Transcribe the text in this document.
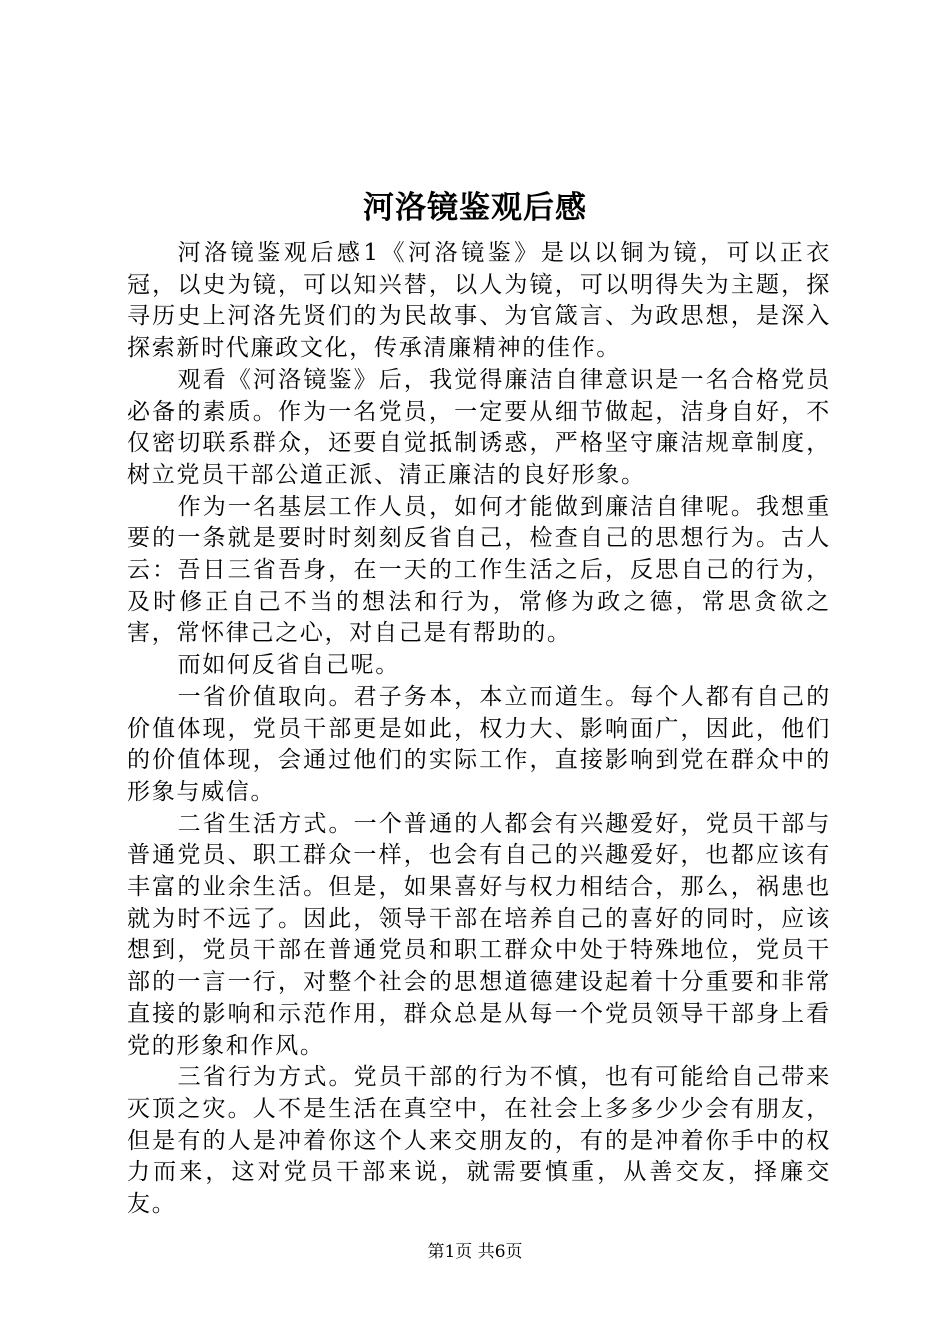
河洛镜鉴观后感

河洛镜鉴观后感1《河洛镜鉴》是以以铜为镜，可以正衣冠，以史为镜，可以知兴替，以人为镜，可以明得失为主题，探寻历史上河洛先贤们的为民故事、为官箴言、为政思想，是深入探索新时代廉政文化，传承清廉精神的佳作。

观看《河洛镜鉴》后，我觉得廉洁自律意识是一名合格党员必备的素质。作为一名党员，一定要从细节做起，洁身自好，不仅密切联系群众，还要自觉抵制诱惑，严格坚守廉洁规章制度，树立党员干部公道正派、清正廉洁的良好形象。

作为一名基层工作人员，如何才能做到廉洁自律呢。我想重要的一条就是要时时刻刻反省自己，检查自己的思想行为。古人云：吾日三省吾身，在一天的工作生活之后，反思自己的行为，及时修正自己不当的想法和行为，常修为政之德，常思贪欲之害，常怀律己之心，对自己是有帮助的。

而如何反省自己呢。

一省价值取向。君子务本，本立而道生。每个人都有自己的价值体现，党员干部更是如此，权力大、影响面广，因此，他们的价值体现，会通过他们的实际工作，直接影响到党在群众中的形象与威信。

二省生活方式。一个普通的人都会有兴趣爱好，党员干部与普通党员、职工群众一样，也会有自己的兴趣爱好，也都应该有丰富的业余生活。但是，如果喜好与权力相结合，那么，祸患也就为时不远了。因此，领导干部在培养自己的喜好的同时，应该想到，党员干部在普通党员和职工群众中处于特殊地位，党员干部的一言一行，对整个社会的思想道德建设起着十分重要和非常直接的影响和示范作用，群众总是从每一个党员领导干部身上看党的形象和作风。

三省行为方式。党员干部的行为不慎，也有可能给自己带来灭顶之灾。人不是生活在真空中，在社会上多多少少会有朋友，但是有的人是冲着你这个人来交朋友的，有的是冲着你手中的权力而来，这对党员干部来说，就需要慎重，从善交友，择廉交友。

第1页 共6页
